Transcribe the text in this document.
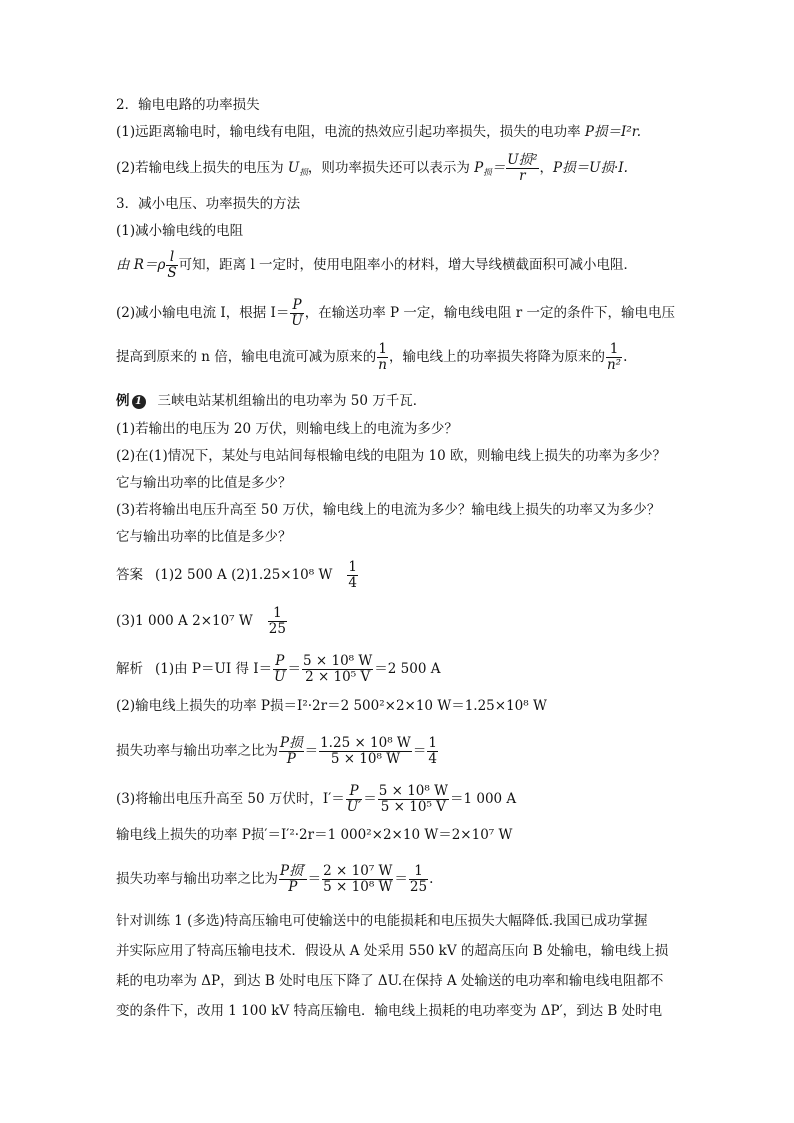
2．输电电路的功率损失
(1)远距离输电时，输电线有电阻，电流的热效应引起功率损失，损失的电功率 P损＝I²r.
(2)若输电线上损失的电压为 $U_损$，则功率损失还可以表示为 $P_损= \frac{\text{U损²}}{r}$ ，P损＝U损·I.
3．减小电压、功率损失的方法
(1)减小输电线的电阻
由 $R=\rho \frac{l}{S}$ 可知，距离 l 一定时，使用电阻率小的材料，增大导线横截面积可减小电阻．
(2)减小输电电流 I，根据 $I= \frac{P}{U}$ ，在输送功率 P 一定，输电线电阻 r 一定的条件下，输电电压
提高到原来的 n 倍，输电电流可减为原来的 $\frac{1}{n}$ ，输电线上的功率损失将降为原来的 $\frac{1}{\text{n²}}$ .
例 1 三峡电站某机组输出的电功率为 50 万千瓦．
(1)若输出的电压为 20 万伏，则输电线上的电流为多少？
(2)在(1)情况下，某处与电站间每根输电线的电阻为 10 欧，则输电线上损失的功率为多少？
它与输出功率的比值是多少？
(3)若将输出电压升高至 50 万伏，输电线上的电流为多少？输电线上损失的功率又为多少？
它与输出功率的比值是多少？
答案 (1)2 500 A (2)1.25×10⁸ W $\frac{1}{4}$
(3)1 000 A 2×10⁷ W $\frac{1}{25}$
解析 (1)由 P＝UI 得 $I= \frac{P}{U} = \frac{\text{5 × 10⁸ W}}{\text{2 × 10⁵ V}} =2$ 500 A
(2)输电线上损失的功率 P损＝I²·2r＝2 500²×2×10 W＝1.25×10⁸ W
损失功率与输出功率之比为 $\frac{\text{P损}}{P} = \frac{\text{1.25 × 10⁸ W}}{\text{5 × 10⁸ W}} = \frac{1}{4}$
(3)将输出电压升高至 50 万伏时，$I'= \frac{P}{U'} = \frac{\text{5 × 10⁸ W}}{\text{5 × 10⁵ V}} =1$ 000 A
输电线上损失的功率 P损′＝I′²·2r＝1 000²×2×10 W＝2×10⁷ W
损失功率与输出功率之比为 $\frac{\text{P损′}}{P} = \frac{\text{2 × 10⁷ W}}{\text{5 × 10⁸ W}} = \frac{1}{25}$ .
针对训练 1 (多选)特高压输电可使输送中的电能损耗和电压损失大幅降低.我国已成功掌握
并实际应用了特高压输电技术．假设从 A 处采用 550 kV 的超高压向 B 处输电，输电线上损
耗的电功率为 ΔP，到达 B 处时电压下降了 ΔU.在保持 A 处输送的电功率和输电线电阻都不
变的条件下，改用 1 100 kV 特高压输电．输电线上损耗的电功率变为 ΔP′，到达 B 处时电
